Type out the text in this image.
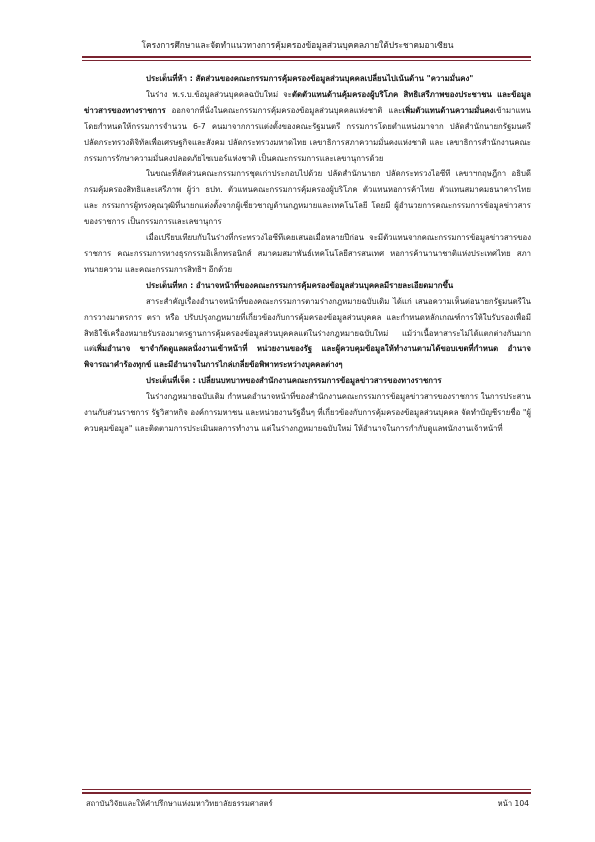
โครงการศึกษาและจัดทำแนวทางการคุ้มครองข้อมูลส่วนบุคคลภายใต้ประชาคมอาเซียน

ประเด็นที่ห้า : สัดส่วนของคณะกรรมการคุ้มครองข้อมูลส่วนบุคคลเปลี่ยนไปเน้นด้าน "ความมั่นคง"

ในร่าง พ.ร.บ.ข้อมูลส่วนบุคคลฉบับใหม่ จะตัดตัวแทนด้านคุ้มครองผู้บริโภค สิทธิเสรีภาพของประชาชน และข้อมูลข่าวสารของทางราชการ ออกจากที่นั่งในคณะกรรมการคุ้มครองข้อมูลส่วนบุคคลแห่งชาติ และเพิ่มตัวแทนด้านความมั่นคงเข้ามาแทน โดยกำหนดให้กรรมการจำนวน 6-7 คนมาจากการแต่งตั้งของคณะรัฐมนตรี กรรมการโดยตำแหน่งมาจาก ปลัดสำนักนายกรัฐมนตรี ปลัดกระทรวงดิจิทัลเพื่อเศรษฐกิจและสังคม ปลัดกระทรวงมหาดไทย เลขาธิการสภาความมั่นคงแห่งชาติ และ เลขาธิการสำนักงานคณะกรรมการรักษาความมั่นคงปลอดภัยไซเบอร์แห่งชาติ เป็นคณะกรรมการและเลขานุการด้วย

ในขณะที่สัดส่วนคณะกรรมการชุดเก่าประกอบไปด้วย ปลัดสำนักนายก ปลัดกระทรวงไอซีที เลขาฯกฤษฎีกา อธิบดีกรมคุ้มครองสิทธิและเสรีภาพ ผู้ว่า ธปท. ตัวแทนคณะกรรมการคุ้มครองผู้บริโภค ตัวแทนหอการค้าไทย ตัวแทนสมาคมธนาคารไทย และ กรรมการผู้ทรงคุณวุฒิที่นายกแต่งตั้งจากผู้เชี่ยวชาญด้านกฎหมายและเทคโนโลยี โดยมี ผู้อำนวยการคณะกรรมการข้อมูลข่าวสารของราชการ เป็นกรรมการและเลขานุการ

เมื่อเปรียบเทียบกับในร่างที่กระทรวงไอซีทีเคยเสนอเมื่อหลายปีก่อน จะมีตัวแทนจากคณะกรรมการข้อมูลข่าวสารของราชการ คณะกรรมการทางธุรกรรมอิเล็กทรอนิกส์ สมาคมสมาพันธ์เทคโนโลยีสารสนเทศ หอการค้านานาชาติแห่งประเทศไทย สภาทนายความ และคณะกรรมการสิทธิฯ อีกด้วย

ประเด็นที่หก : อำนาจหน้าที่ของคณะกรรมการคุ้มครองข้อมูลส่วนบุคคลมีรายละเอียดมากขึ้น

สาระสำคัญเรื่องอำนาจหน้าที่ของคณะกรรมการตามร่างกฎหมายฉบับเดิม ได้แก่ เสนอความเห็นต่อนายกรัฐมนตรีในการวางมาตรการ ตรา หรือ ปรับปรุงกฎหมายที่เกี่ยวข้องกับการคุ้มครองข้อมูลส่วนบุคคล และกำหนดหลักเกณฑ์การให้ใบรับรองเพื่อมีสิทธิใช้เครื่องหมายรับรองมาตรฐานการคุ้มครองข้อมูลส่วนบุคคลแต่ในร่างกฎหมายฉบับใหม่ แม้ว่าเนื้อหาสาระไม่ได้แตกต่างกันมาก แต่เพิ่มอำนาจ ขาจำกัดดูแลผลนั่งงานเข้าหน้าที่ หน่วยงานของรัฐ และผู้ควบคุมข้อมูลให้ทำงานตามได้ขอบเขตที่กำหนด อำนาจพิจารณาคำร้องทุกข์ และมีอำนาจในการไกล่เกลี่ยข้อพิพาทระหว่างบุคคลต่างๆ

ประเด็นที่เจ็ด : เปลี่ยนบทบาทของสำนักงานคณะกรรมการข้อมูลข่าวสารของทางราชการ

ในร่างกฎหมายฉบับเดิม กำหนดอำนาจหน้าที่ของสำนักงานคณะกรรมการข้อมูลข่าวสารของราชการ ในการประสานงานกับส่วนราชการ รัฐวิสาหกิจ องค์การมหาชน และหน่วยงานรัฐอื่นๆ ที่เกี่ยวข้องกับการคุ้มครองข้อมูลส่วนบุคคล จัดทำบัญชีรายชื่อ "ผู้ควบคุมข้อมูล" และติดตามการประเมินผลการทำงาน แต่ในร่างกฎหมายฉบับใหม่ ให้อำนาจในการกำกับดูแลพนักงานเจ้าหน้าที่

สถาบันวิจัยและให้คำปรึกษาแห่งมหาวิทยาลัยธรรมศาสตร์	หน้า 104
